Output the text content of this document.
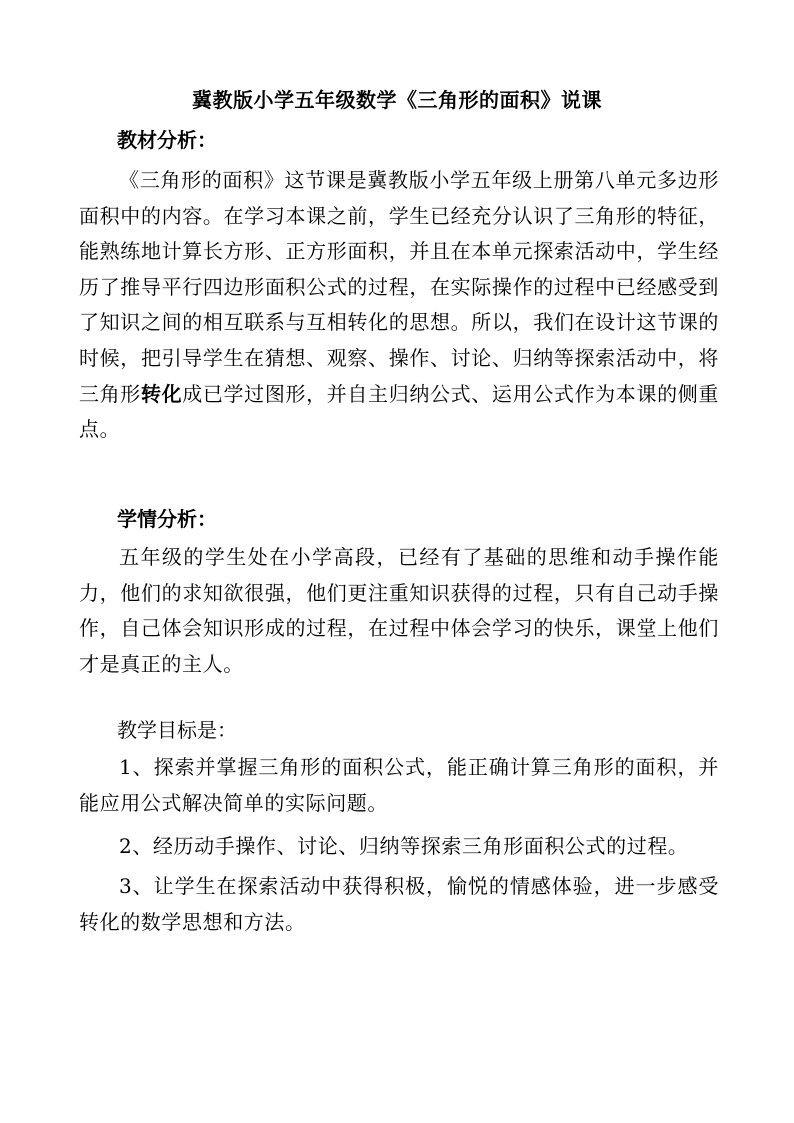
冀教版小学五年级数学《三角形的面积》说课
教材分析：
《三角形的面积》这节课是冀教版小学五年级上册第八单元多边形面积中的内容。在学习本课之前，学生已经充分认识了三角形的特征，能熟练地计算长方形、正方形面积，并且在本单元探索活动中，学生经历了推导平行四边形面积公式的过程，在实际操作的过程中已经感受到了知识之间的相互联系与互相转化的思想。所以，我们在设计这节课的时候，把引导学生在猜想、观察、操作、讨论、归纳等探索活动中，将三角形转化成已学过图形，并自主归纳公式、运用公式作为本课的侧重点。
学情分析：
五年级的学生处在小学高段，已经有了基础的思维和动手操作能力，他们的求知欲很强，他们更注重知识获得的过程，只有自己动手操作，自己体会知识形成的过程，在过程中体会学习的快乐，课堂上他们才是真正的主人。
教学目标是：
1、探索并掌握三角形的面积公式，能正确计算三角形的面积，并能应用公式解决简单的实际问题。
2、经历动手操作、讨论、归纳等探索三角形面积公式的过程。
3、让学生在探索活动中获得积极，愉悦的情感体验，进一步感受转化的数学思想和方法。
